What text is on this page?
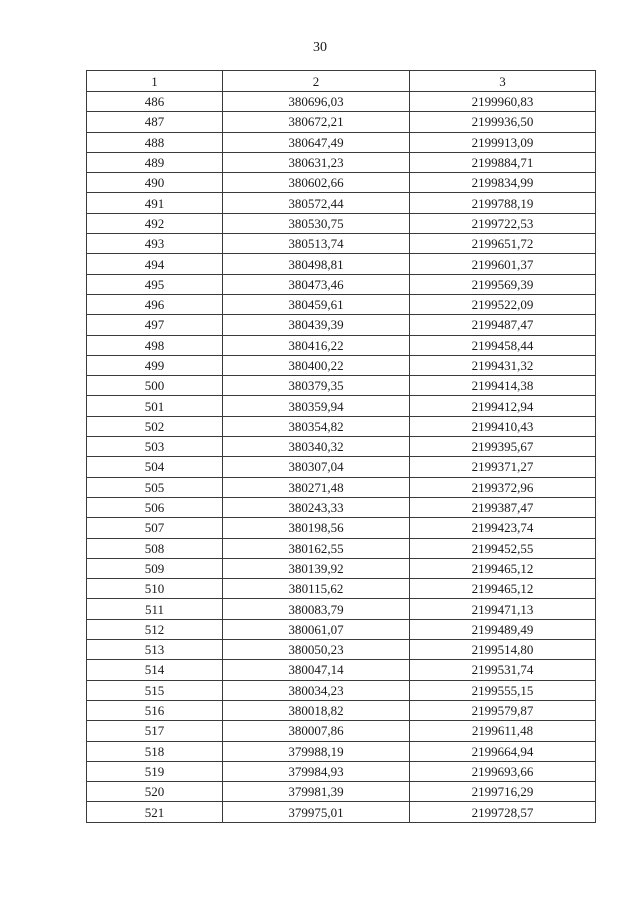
30
1	2	3
486	380696,03	2199960,83
487	380672,21	2199936,50
488	380647,49	2199913,09
489	380631,23	2199884,71
490	380602,66	2199834,99
491	380572,44	2199788,19
492	380530,75	2199722,53
493	380513,74	2199651,72
494	380498,81	2199601,37
495	380473,46	2199569,39
496	380459,61	2199522,09
497	380439,39	2199487,47
498	380416,22	2199458,44
499	380400,22	2199431,32
500	380379,35	2199414,38
501	380359,94	2199412,94
502	380354,82	2199410,43
503	380340,32	2199395,67
504	380307,04	2199371,27
505	380271,48	2199372,96
506	380243,33	2199387,47
507	380198,56	2199423,74
508	380162,55	2199452,55
509	380139,92	2199465,12
510	380115,62	2199465,12
511	380083,79	2199471,13
512	380061,07	2199489,49
513	380050,23	2199514,80
514	380047,14	2199531,74
515	380034,23	2199555,15
516	380018,82	2199579,87
517	380007,86	2199611,48
518	379988,19	2199664,94
519	379984,93	2199693,66
520	379981,39	2199716,29
521	379975,01	2199728,57
